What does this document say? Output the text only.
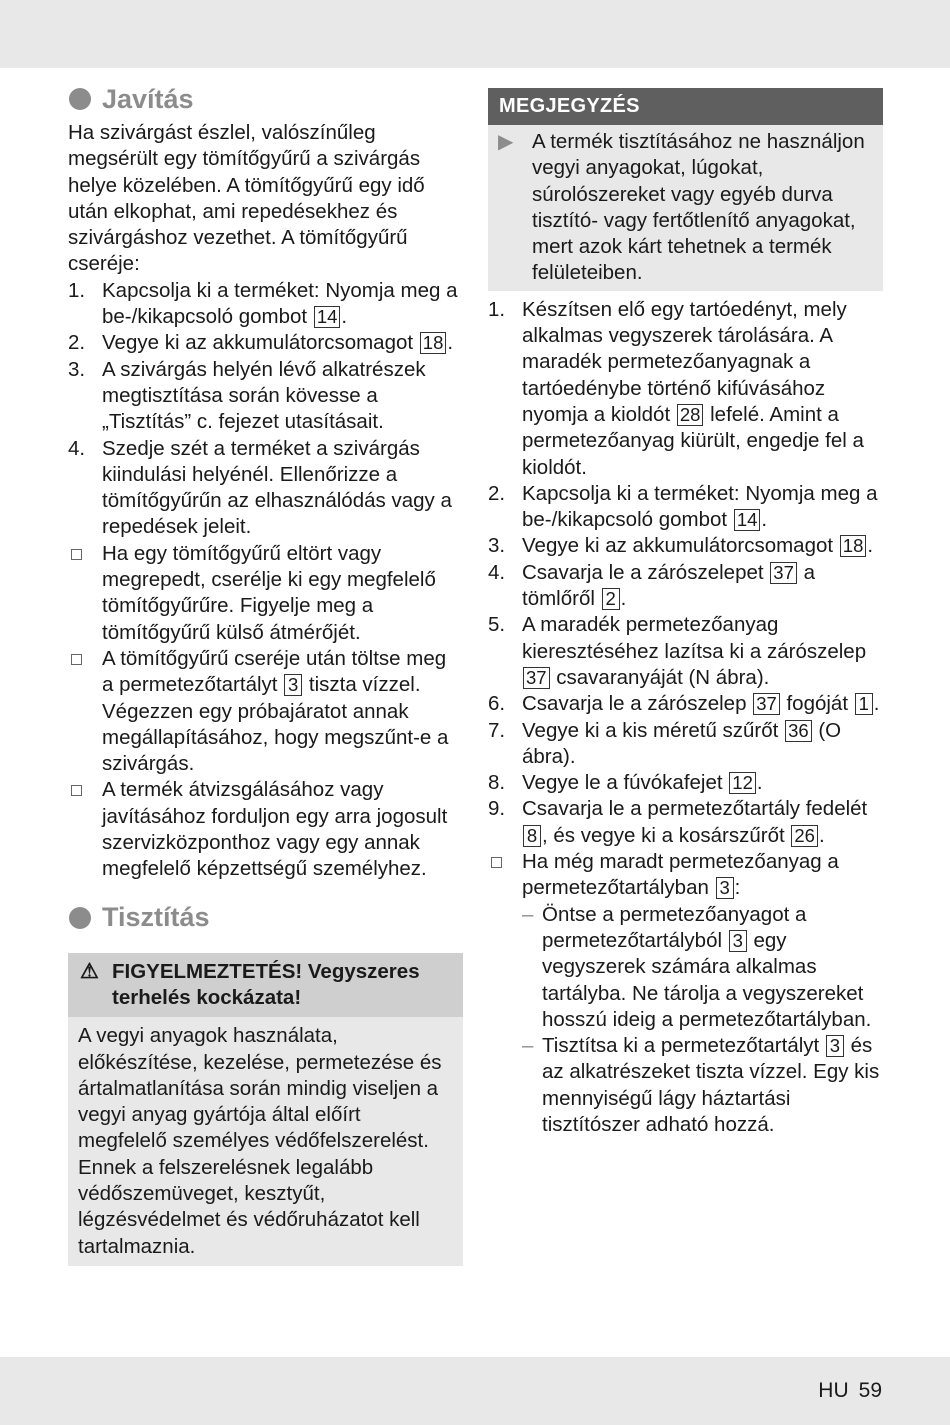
Javítás

Ha szivárgást észlel, valószínűleg megsérült egy tömítőgyűrű a szivárgás helye közelében. A tömítőgyűrű egy idő után elkophat, ami repedésekhez és szivárgáshoz vezethet. A tömítőgyűrű cseréje:

1. Kapcsolja ki a terméket: Nyomja meg a be-/kikapcsoló gombot 14 .
2. Vegye ki az akkumulátorcsomagot 18 .
3. A szivárgás helyén lévő alkatrészek megtisztítása során kövesse a „Tisztítás” c. fejezet utasításait.
4. Szedje szét a terméket a szivárgás kiindulási helyénél. Ellenőrizze a tömítőgyűrűn az elhasználódás vagy a repedések jeleit.
Ha egy tömítőgyűrű eltört vagy megrepedt, cserélje ki egy megfelelő tömítőgyűrűre. Figyelje meg a tömítőgyűrű külső átmérőjét.
A tömítőgyűrű cseréje után töltse meg a permetezőtartályt 3 tiszta vízzel. Végezzen egy próbajáratot annak megállapításához, hogy megszűnt-e a szivárgás.
A termék átvizsgálásához vagy javításához forduljon egy arra jogosult szervizközponthoz vagy egy annak megfelelő képzettségű személyhez.
Tisztítás
⚠ FIGYELMEZTETÉS! Vegyszeres terhelés kockázata!

A vegyi anyagok használata, előkészítése, kezelése, permetezése és ártalmatlanítása során mindig viseljen a vegyi anyag gyártója által előírt megfelelő személyes védőfelszerelést.

Ennek a felszerelésnek legalább védőszemüveget, kesztyűt, légzésvédelmet és védőruházatot kell tartalmaznia.

MEGJEGYZÉS
▶ A termék tisztításához ne használjon vegyi anyagokat, lúgokat, súrolószereket vagy egyéb durva tisztító- vagy fertőtlenítő anyagokat, mert azok kárt tehetnek a termék felületeiben.
1. Készítsen elő egy tartóedényt, mely alkalmas vegyszerek tárolására. A maradék permetezőanyagnak a tartóedénybe történő kifúvásához nyomja a kioldót 28 lefelé. Amint a permetezőanyag kiürült, engedje fel a kioldót.
2. Kapcsolja ki a terméket: Nyomja meg a be-/kikapcsoló gombot 14 .
3. Vegye ki az akkumulátorcsomagot 18 .
4. Csavarja le a zárószelepet 37 a tömlőről 2 .
5. A maradék permetezőanyag kieresztéséhez lazítsa ki a zárószelep 37 csavaranyáját (N ábra).
6. Csavarja le a zárószelep 37 fogóját 1 .
7. Vegye ki a kis méretű szűrőt 36 (O ábra).
8. Vegye le a fúvókafejet 12 .
9. Csavarja le a permetezőtartály fedelét 8 , és vegye ki a kosárszűrőt 26 .
Ha még maradt permetezőanyag a permetezőtartályban 3 :
– Öntse a permetezőanyagot a permetezőtartályból 3 egy vegyszerek számára alkalmas tartályba. Ne tárolja a vegyszereket hosszú ideig a permetezőtartályban.
– Tisztítsa ki a permetezőtartályt 3 és az alkatrészeket tiszta vízzel. Egy kis mennyiségű lágy háztartási tisztítószer adható hozzá.
HU 59
